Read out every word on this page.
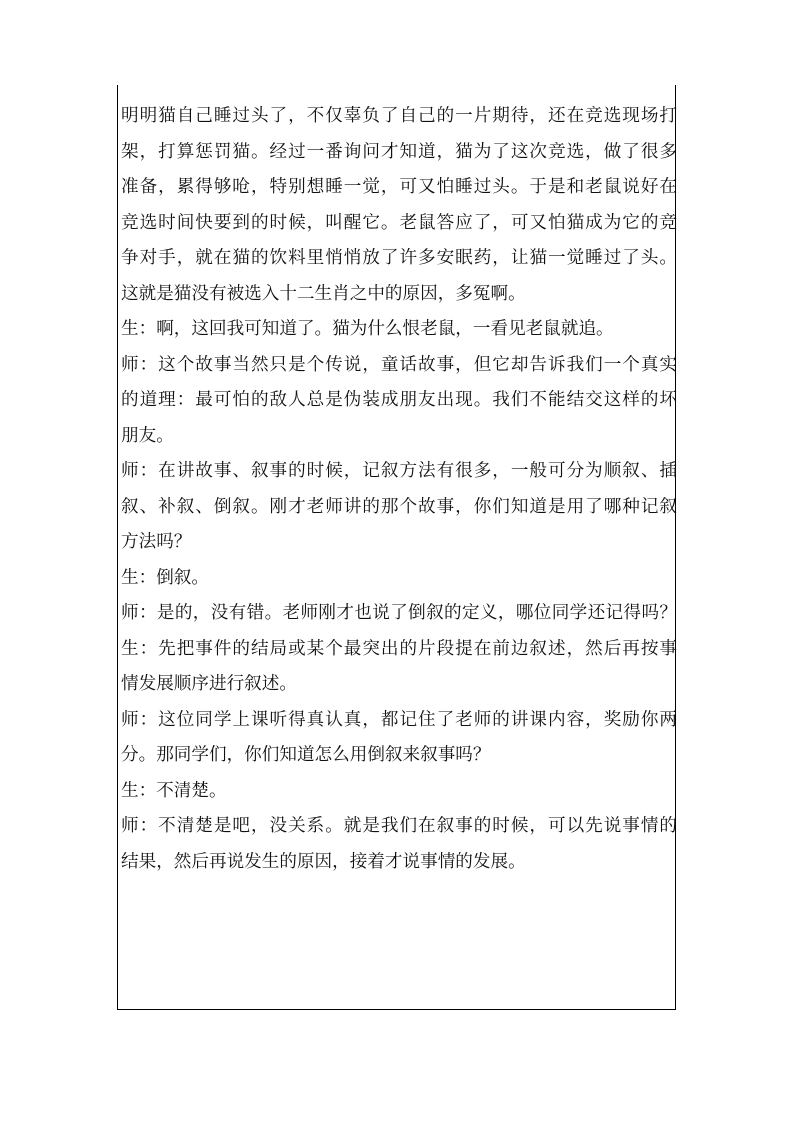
明明猫自己睡过头了，不仅辜负了自己的一片期待，还在竞选现场打
架，打算惩罚猫。经过一番询问才知道，猫为了这次竞选，做了很多
准备，累得够呛，特别想睡一觉，可又怕睡过头。于是和老鼠说好在
竞选时间快要到的时候，叫醒它。老鼠答应了，可又怕猫成为它的竞
争对手，就在猫的饮料里悄悄放了许多安眠药，让猫一觉睡过了头。
这就是猫没有被选入十二生肖之中的原因，多冤啊。
生：啊，这回我可知道了。猫为什么恨老鼠，一看见老鼠就追。
师：这个故事当然只是个传说，童话故事，但它却告诉我们一个真实
的道理：最可怕的敌人总是伪装成朋友出现。我们不能结交这样的坏
朋友。
师：在讲故事、叙事的时候，记叙方法有很多，一般可分为顺叙、插
叙、补叙、倒叙。刚才老师讲的那个故事，你们知道是用了哪种记叙
方法吗？
生：倒叙。
师：是的，没有错。老师刚才也说了倒叙的定义，哪位同学还记得吗？
生：先把事件的结局或某个最突出的片段提在前边叙述，然后再按事
情发展顺序进行叙述。
师：这位同学上课听得真认真，都记住了老师的讲课内容，奖励你两
分。那同学们，你们知道怎么用倒叙来叙事吗？
生：不清楚。
师：不清楚是吧，没关系。就是我们在叙事的时候，可以先说事情的
结果，然后再说发生的原因，接着才说事情的发展。
